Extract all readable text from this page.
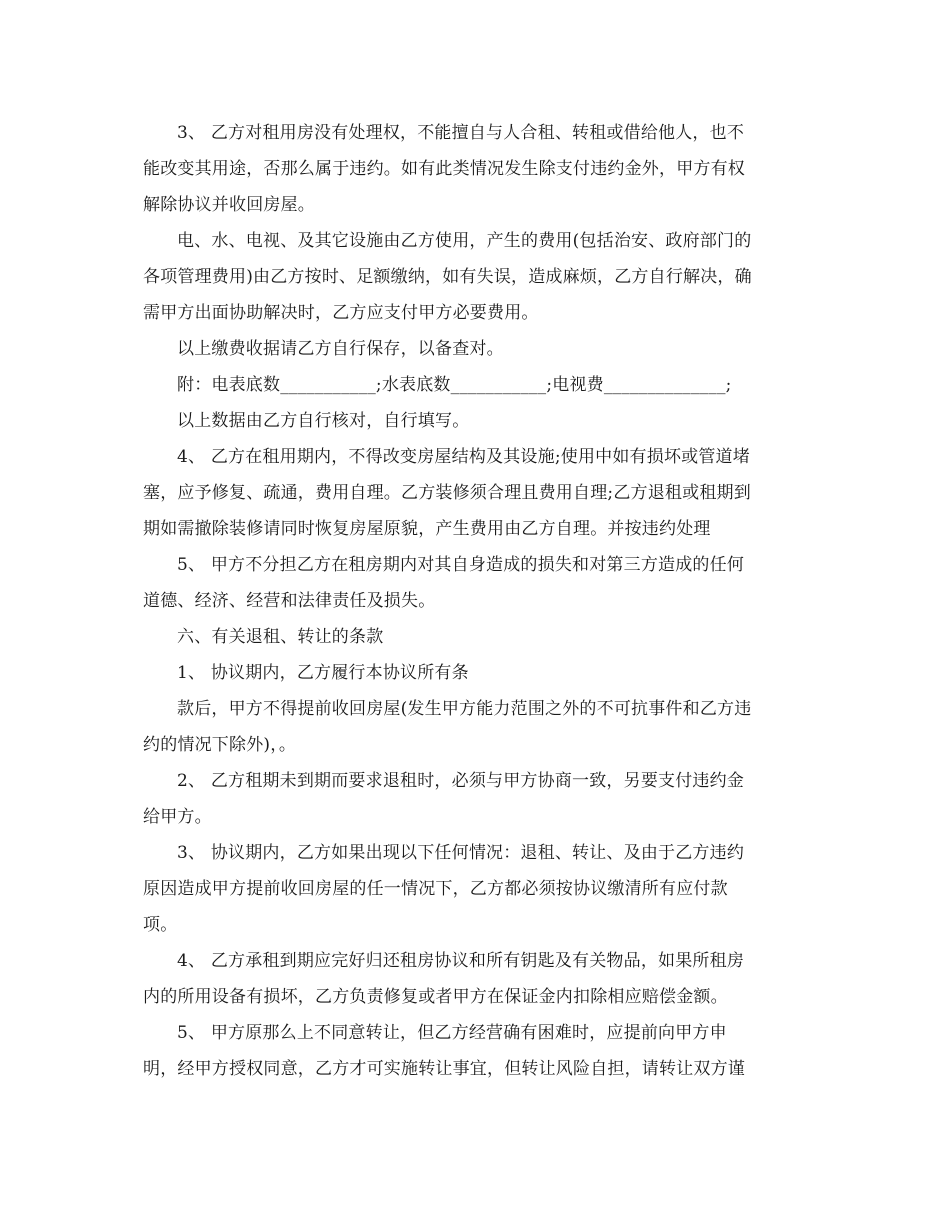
3、 乙方对租用房没有处理权，不能擅自与人合租、转租或借给他人，也不
能改变其用途，否那么属于违约。如有此类情况发生除支付违约金外，甲方有权
解除协议并收回房屋。
电、水、电视、及其它设施由乙方使用，产生的费用(包括治安、政府部门的
各项管理费用)由乙方按时、足额缴纳，如有失误，造成麻烦，乙方自行解决，确
需甲方出面协助解决时，乙方应支付甲方必要费用。
以上缴费收据请乙方自行保存，以备查对。
附：电表底数___________;水表底数___________;电视费______________;
以上数据由乙方自行核对，自行填写。
4、 乙方在租用期内，不得改变房屋结构及其设施;使用中如有损坏或管道堵
塞，应予修复、疏通，费用自理。乙方装修须合理且费用自理;乙方退租或租期到
期如需撤除装修请同时恢复房屋原貌，产生费用由乙方自理。并按违约处理
5、 甲方不分担乙方在租房期内对其自身造成的损失和对第三方造成的任何
道德、经济、经营和法律责任及损失。
六、有关退租、转让的条款
1、 协议期内，乙方履行本协议所有条
款后，甲方不得提前收回房屋(发生甲方能力范围之外的不可抗事件和乙方违
约的情况下除外)，。
2、 乙方租期未到期而要求退租时，必须与甲方协商一致，另要支付违约金
给甲方。
3、 协议期内，乙方如果出现以下任何情况：退租、转让、及由于乙方违约
原因造成甲方提前收回房屋的任一情况下，乙方都必须按协议缴清所有应付款
项。
4、 乙方承租到期应完好归还租房协议和所有钥匙及有关物品，如果所租房
内的所用设备有损坏，乙方负责修复或者甲方在保证金内扣除相应赔偿金额。
5、 甲方原那么上不同意转让，但乙方经营确有困难时，应提前向甲方申
明，经甲方授权同意，乙方才可实施转让事宜，但转让风险自担，请转让双方谨
